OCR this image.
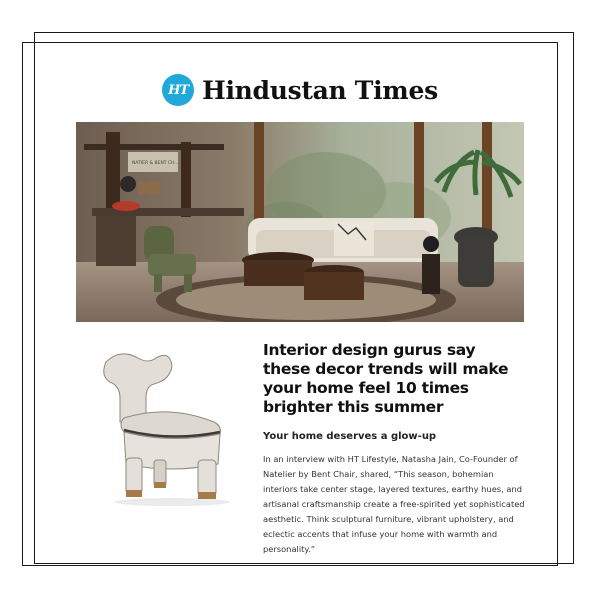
HT Hindustan Times
NATIER & BENT CH...
Interior design gurus say these decor trends will make your home feel 10 times brighter this summer
Your home deserves a glow-up

In an interview with HT Lifestyle, Natasha Jain, Co-Founder of Natelier by Bent Chair, shared, “This season, bohemian interiors take center stage, layered textures, earthy hues, and artisanal craftsmanship create a free-spirited yet sophisticated aesthetic. Think sculptural furniture, vibrant upholstery, and eclectic accents that infuse your home with warmth and personality.”
